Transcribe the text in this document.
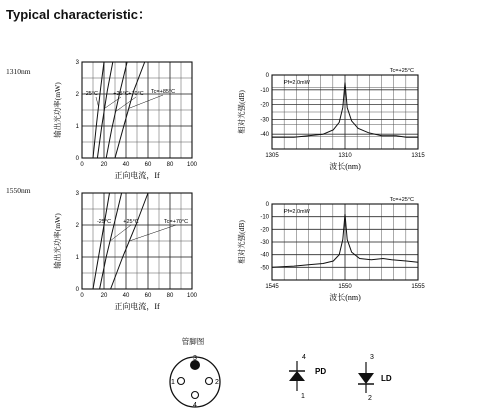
Typical characteristic：
1310nm
1550nm
0	20	40	60	80 100
0
1
2
3
正向电流，If
输出光功率(mW)	-25°C	+25°C +70°C Tc=+85°C
1305	1310	1315
0
-10
-20
-30
-40
波长(nm)
相对光强(dB)
Pf=2.0mW
Tc=+25°C
0	20	40	60	80 100
0
1
2
3
正向电流，If
输出光功率(mW)	-25°C +25°C	Tc=+70°C
1545	1550	1555
0
-10
-20
-30
-40
-50
波长(nm)
相对光强(dB)
Pf=2.0mW
Tc=+25°C
管脚图
3
1	2
4
4
PD
1
3
LD
2
